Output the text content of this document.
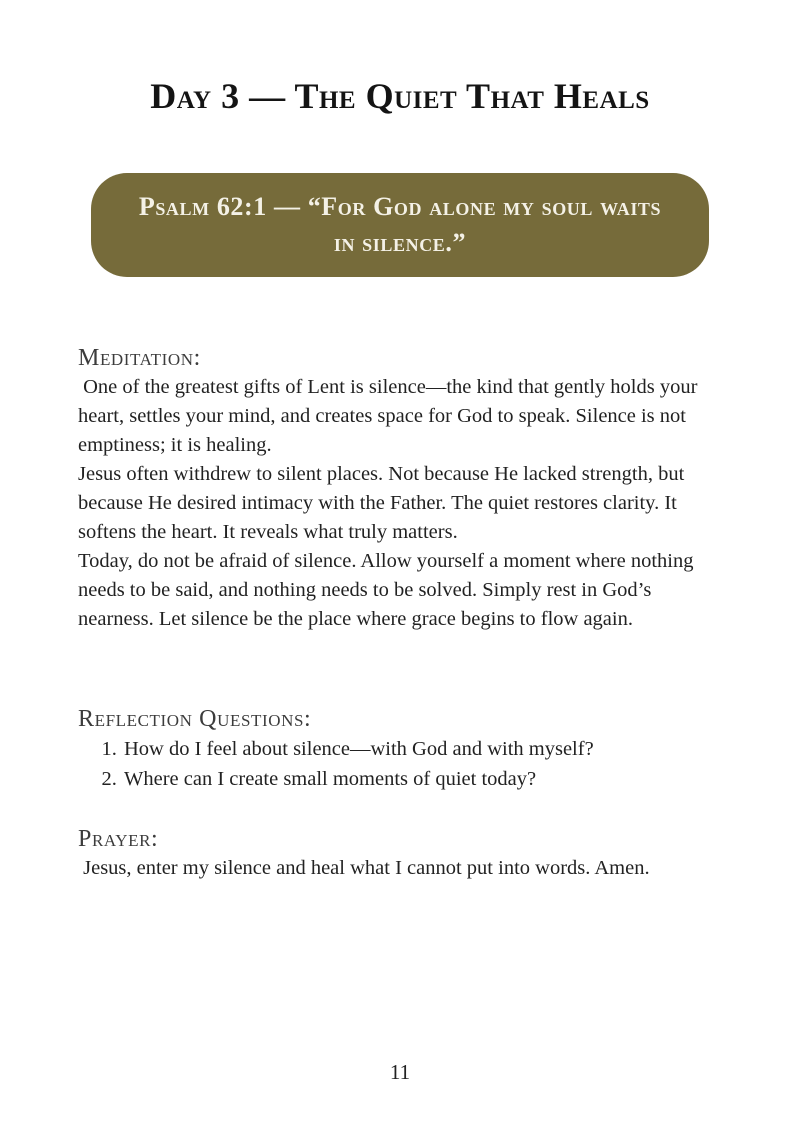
Day 3 — The Quiet That Heals
Psalm 62:1 — “For God alone my soul waits in silence.”
Meditation:

One of the greatest gifts of Lent is silence—the kind that gently holds your heart, settles your mind, and creates space for God to speak. Silence is not emptiness; it is healing.

Jesus often withdrew to silent places. Not because He lacked strength, but because He desired intimacy with the Father. The quiet restores clarity. It softens the heart. It reveals what truly matters.

Today, do not be afraid of silence. Allow yourself a moment where nothing needs to be said, and nothing needs to be solved. Simply rest in God’s nearness. Let silence be the place where grace begins to flow again.

Reflection Questions:
1. How do I feel about silence—with God and with myself?
2. Where can I create small moments of quiet today?
Prayer:

Jesus, enter my silence and heal what I cannot put into words. Amen.

11
